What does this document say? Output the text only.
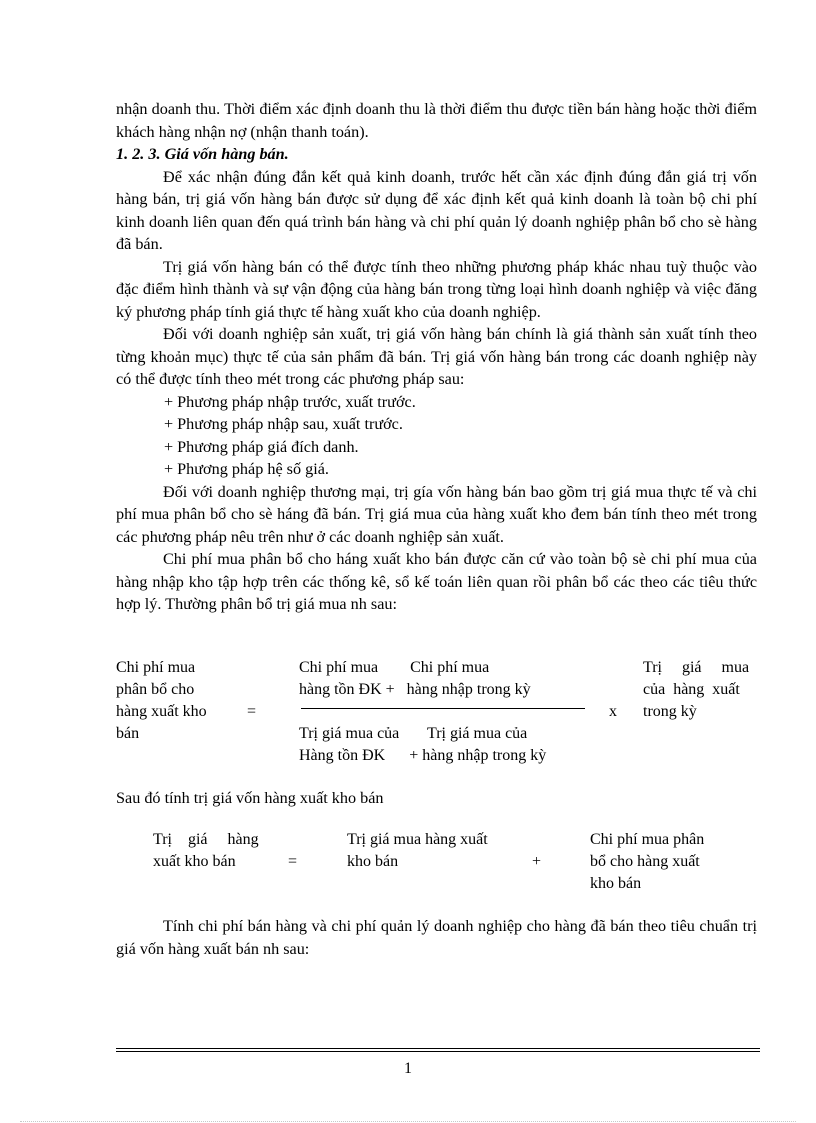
nhận doanh thu. Thời điểm xác định doanh thu là thời điểm thu được tiền bán hàng hoặc thời điểm khách hàng nhận nợ (nhận thanh toán).

1. 2. 3. Giá vốn hàng bán.

Để xác nhận đúng đắn kết quả kinh doanh, trước hết cần xác định đúng đắn giá trị vốn hàng bán, trị giá vốn hàng bán được sử dụng để xác định kết quả kinh doanh là toàn bộ chi phí kinh doanh liên quan đến quá trình bán hàng và chi phí quản lý doanh nghiệp phân bổ cho sè hàng đã bán.

Trị giá vốn hàng bán có thể được tính theo những phương pháp khác nhau tuỳ thuộc vào đặc điểm hình thành và sự vận động của hàng bán trong từng loại hình doanh nghiệp và việc đăng ký phương pháp tính giá thực tế hàng xuất kho của doanh nghiệp.

Đối với doanh nghiệp sản xuất, trị giá vốn hàng bán chính là giá thành sản xuất tính theo từng khoản mục) thực tế của sản phẩm đã bán. Trị giá vốn hàng bán trong các doanh nghiệp này có thể được tính theo mét trong các phương pháp sau:

+ Phương pháp nhập trước, xuất trước.

+ Phương pháp nhập sau, xuất trước.

+ Phương pháp giá đích danh.

+ Phương pháp hệ số giá.

Đối với doanh nghiệp thương mại, trị gía vốn hàng bán bao gồm trị giá mua thực tế và chi phí mua phân bổ cho sè háng đã bán. Trị giá mua của hàng xuất kho đem bán tính theo mét trong các phương pháp nêu trên như ở các doanh nghiệp sản xuất.

Chi phí mua phân bổ cho háng xuất kho bán được căn cứ vào toàn bộ sè chi phí mua của hàng nhập kho tập hợp trên các thống kê, sổ kế toán liên quan rồi phân bổ các theo các tiêu thức hợp lý. Thường phân bổ trị giá mua nh sau:

Chi phí mua
phân bổ cho
hàng xuất kho
bán
=
Chi phí mua        Chi phí mua
hàng tồn ĐK +   hàng nhập trong kỳ
Trị giá mua của       Trị giá mua của
Hàng tồn ĐK      + hàng nhập trong kỳ
x
Trị     giá     mua
của  hàng  xuất
trong kỳ

Sau đó tính trị giá vốn hàng xuất kho bán

Trị    giá     hàng
xuất kho bán	=
Trị giá mua hàng xuất
kho bán	+
Chi phí mua phân
bổ cho hàng xuất
kho bán

Tính chi phí bán hàng và chi phí quản lý doanh nghiệp cho hàng đã bán theo tiêu chuẩn trị giá vốn hàng xuất bán nh sau:

1
